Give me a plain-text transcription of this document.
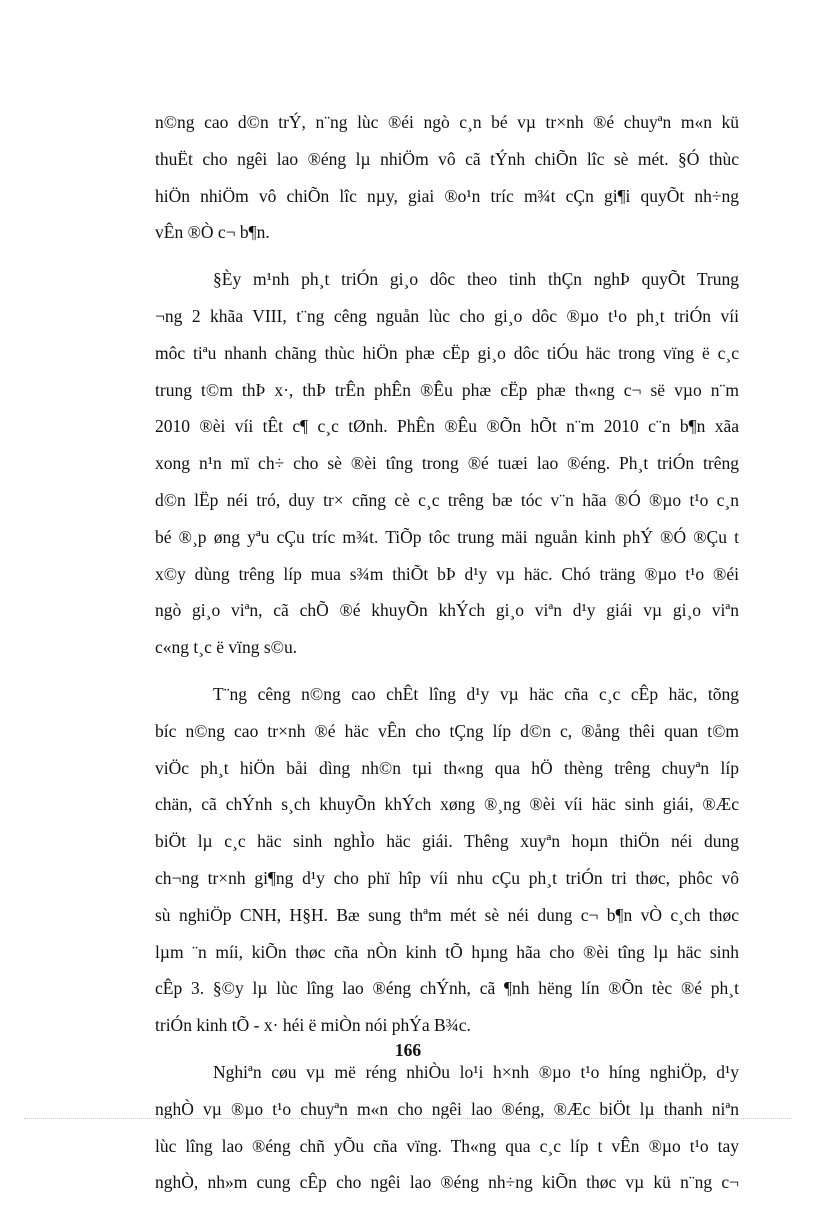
n©ng cao d©n trÝ, n¨ng lùc ®éi ngò c¸n bé vµ tr×nh ®é chuyªn m«n kü
thuËt cho ngêi lao ®éng lµ nhiÖm vô cã tÝnh chiÕn lîc sè mét. §Ó thùc
hiÖn nhiÖm vô chiÕn lîc nµy, giai ®o¹n tríc m¾t cÇn gi¶i quyÕt nh÷ng
vÊn ®Ò c¬ b¶n.
§Èy m¹nh ph¸t triÓn gi¸o dôc theo tinh thÇn nghÞ quyÕt Trung
¬ng 2 khãa VIII, t¨ng cêng nguån lùc cho gi¸o dôc ®µo t¹o ph¸t triÓn víi
môc tiªu nhanh chãng thùc hiÖn phæ cËp gi¸o dôc tiÓu häc trong vïng ë c¸c
trung t©m thÞ x·, thÞ trÊn phÊn ®Êu phæ cËp phæ th«ng c¬ së vµo n¨m
2010 ®èi víi tÊt c¶ c¸c tØnh. PhÊn ®Êu ®Õn hÕt n¨m 2010 c¨n b¶n xãa
xong n¹n mï ch÷ cho sè ®èi tîng trong ®é tuæi lao ®éng. Ph¸t triÓn trêng
d©n lËp néi tró, duy tr× cñng cè c¸c trêng bæ tóc v¨n hãa ®Ó ®µo t¹o c¸n
bé ®¸p øng yªu cÇu tríc m¾t. TiÕp tôc trung mäi nguån kinh phÝ ®Ó ®Çu t
x©y dùng trêng líp mua s¾m thiÕt bÞ d¹y vµ häc. Chó träng ®µo t¹o ®éi
ngò gi¸o viªn, cã chÕ ®é khuyÕn khÝch gi¸o viªn d¹y giái vµ gi¸o viªn
c«ng t¸c ë vïng s©u.
T¨ng cêng n©ng cao chÊt lîng d¹y vµ häc cña c¸c cÊp häc, tõng
bíc n©ng cao tr×nh ®é häc vÊn cho tÇng líp d©n c, ®ång thêi quan t©m
viÖc ph¸t hiÖn båi dìng nh©n tµi th«ng qua hÖ thèng trêng chuyªn líp
chän, cã chÝnh s¸ch khuyÕn khÝch xøng ®¸ng ®èi víi häc sinh giái, ®Æc
biÖt lµ c¸c häc sinh nghÌo häc giái. Thêng xuyªn hoµn thiÖn néi dung
ch¬ng tr×nh gi¶ng d¹y cho phï hîp víi nhu cÇu ph¸t triÓn tri thøc, phôc vô
sù nghiÖp CNH, H§H. Bæ sung thªm mét sè néi dung c¬ b¶n vÒ c¸ch thøc
lµm ¨n míi, kiÕn thøc cña nÒn kinh tÕ hµng hãa cho ®èi tîng lµ häc sinh
cÊp 3. §©y lµ lùc lîng lao ®éng chÝnh, cã ¶nh hëng lín ®Õn tèc ®é ph¸t
triÓn kinh tÕ - x· héi ë miÒn nói phÝa B¾c.
Nghiªn cøu vµ më réng nhiÒu lo¹i h×nh ®µo t¹o híng nghiÖp, d¹y
nghÒ vµ ®µo t¹o chuyªn m«n cho ngêi lao ®éng, ®Æc biÖt lµ thanh niªn
lùc lîng lao ®éng chñ yÕu cña vïng. Th«ng qua c¸c líp t vÊn ®µo t¹o tay
nghÒ, nh»m cung cÊp cho ngêi lao ®éng nh÷ng kiÕn thøc vµ kü n¨ng c¬
166
